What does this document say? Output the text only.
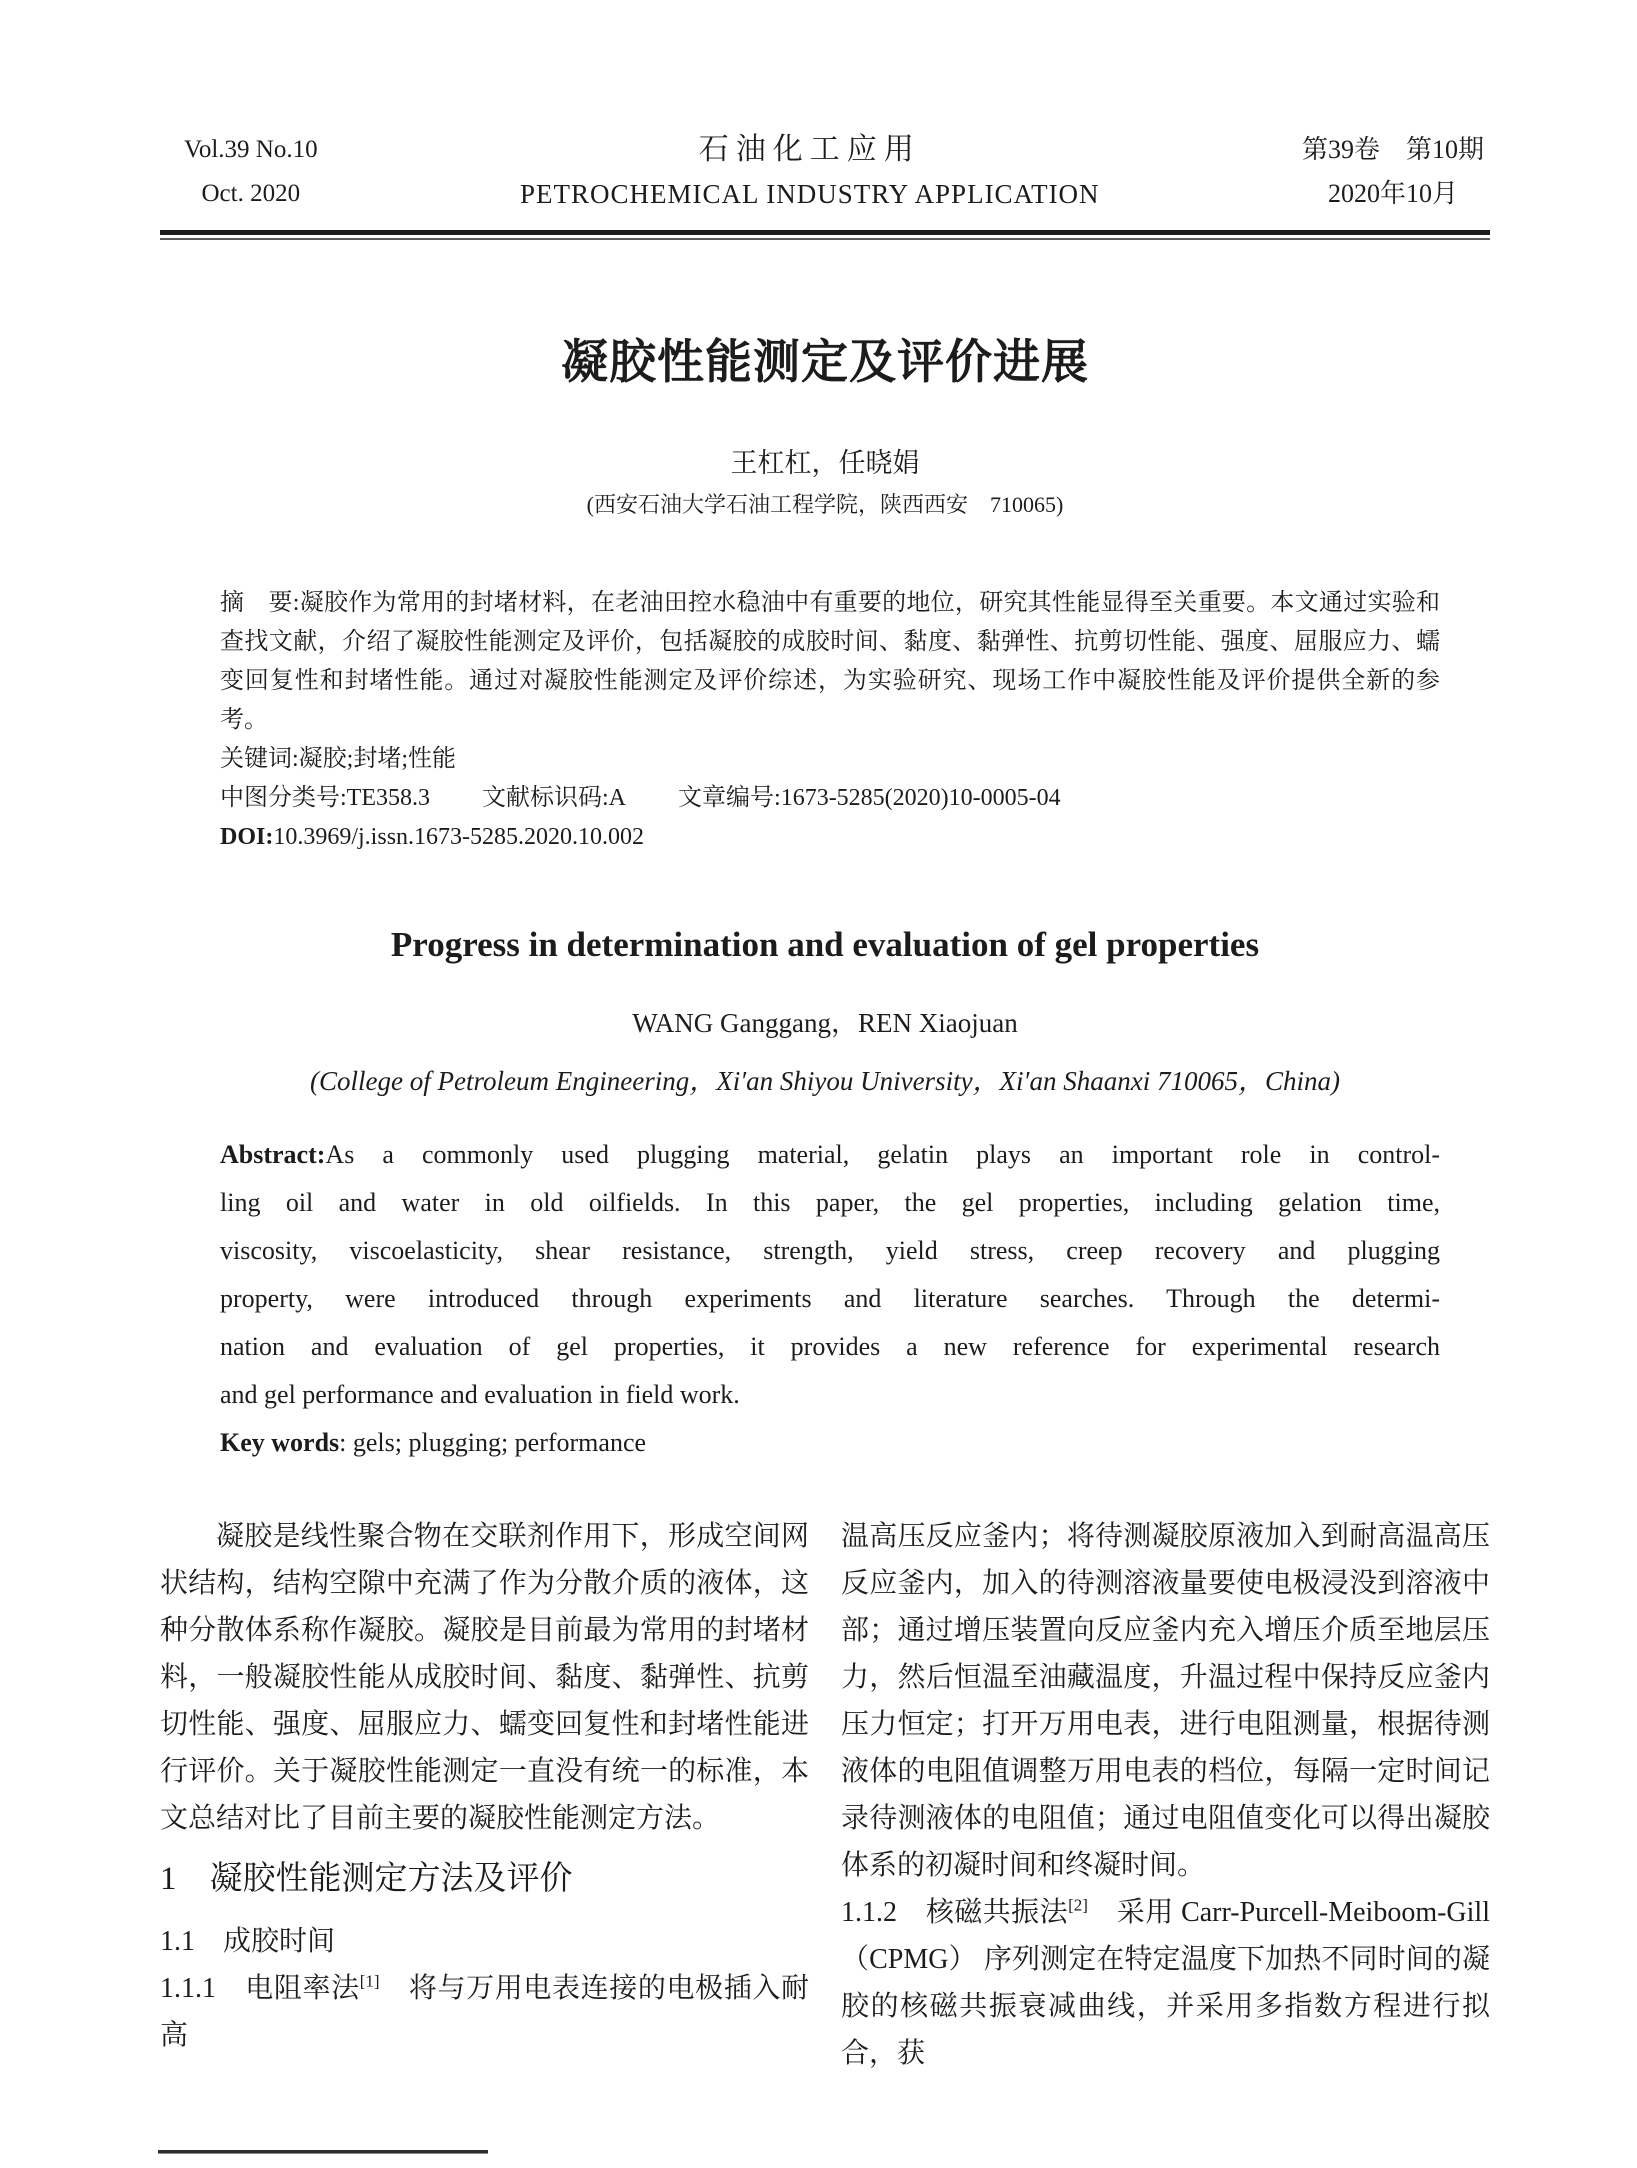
Vol.39 No.10
Oct. 2020
石油化工应用
PETROCHEMICAL INDUSTRY APPLICATION
第39卷　第10期
2020年10月
凝胶性能测定及评价进展
王杠杠，任晓娟
(西安石油大学石油工程学院，陕西西安　710065)
摘　要:凝胶作为常用的封堵材料，在老油田控水稳油中有重要的地位，研究其性能显得至关重要。本文通过实验和查找文献，介绍了凝胶性能测定及评价，包括凝胶的成胶时间、黏度、黏弹性、抗剪切性能、强度、屈服应力、蠕变回复性和封堵性能。通过对凝胶性能测定及评价综述，为实验研究、现场工作中凝胶性能及评价提供全新的参考。
关键词:凝胶;封堵;性能
中图分类号:TE358.3 文献标识码:A 文章编号:1673-5285(2020)10-0005-04
DOI:10.3969/j.issn.1673-5285.2020.10.002
Progress in determination and evaluation of gel properties
WANG Ganggang，REN Xiaojuan
(College of Petroleum Engineering，Xi′an Shiyou University，Xi′an Shaanxi 710065，China)
Abstract:As a commonly used plugging material, gelatin plays an important role in control-
ling oil and water in old oilfields. In this paper, the gel properties, including gelation time,
viscosity, viscoelasticity, shear resistance, strength, yield stress, creep recovery and plugging
property, were introduced through experiments and literature searches. Through the determi-
nation and evaluation of gel properties, it provides a new reference for experimental research
and gel performance and evaluation in field work.
Key words: gels; plugging; performance
凝胶是线性聚合物在交联剂作用下，形成空间网状结构，结构空隙中充满了作为分散介质的液体，这种分散体系称作凝胶。凝胶是目前最为常用的封堵材料，一般凝胶性能从成胶时间、黏度、黏弹性、抗剪切性能、强度、屈服应力、蠕变回复性和封堵性能进行评价。关于凝胶性能测定一直没有统一的标准，本文总结对比了目前主要的凝胶性能测定方法。
1　凝胶性能测定方法及评价
1.1　成胶时间
1.1.1　电阻率法[1]　将与万用电表连接的电极插入耐高
温高压反应釜内；将待测凝胶原液加入到耐高温高压反应釜内，加入的待测溶液量要使电极浸没到溶液中部；通过增压装置向反应釜内充入增压介质至地层压力，然后恒温至油藏温度，升温过程中保持反应釜内压力恒定；打开万用电表，进行电阻测量，根据待测液体的电阻值调整万用电表的档位，每隔一定时间记录待测液体的电阻值；通过电阻值变化可以得出凝胶体系的初凝时间和终凝时间。
1.1.2　核磁共振法[2]　采用 Carr-Purcell-Meiboom-Gill（CPMG） 序列测定在特定温度下加热不同时间的凝胶的核磁共振衰减曲线，并采用多指数方程进行拟合，获
